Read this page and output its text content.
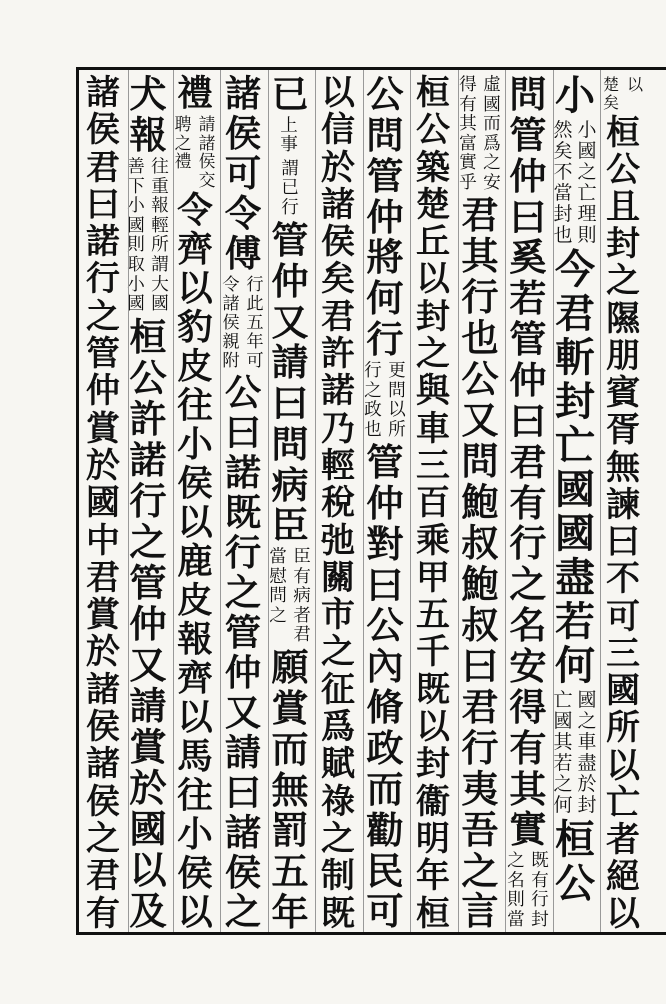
以
楚
矣
桓
公
且
封
之
隰
朋
賓
胥
無
諫
曰
不
可
三
國
所
以
亡
者
絕
以
小
小
國
之
亡
理
則
然
矣
不
當
封
也
今
君
斬
封
亡
國
國
盡
若
何
國
之
車
盡
於
封
亡
國
其
若
之
何
桓
公
問
管
仲
曰
奚
若
管
仲
曰
君
有
行
之
名
安
得
有
其
實
既
有
行
封
之
名
則
當
虛
國
而
爲
之
安
得
有
其
富
實
乎
君
其
行
也
公
又
問
鮑
叔
鮑
叔
曰
君
行
夷
吾
之
言
桓
公
築
楚
丘
以
封
之
與
車
三
百
乘
甲
五
千
既
以
封
衞
明
年
桓
公
問
管
仲
將
何
行
更
問
以
所
行
之
政
也
管
仲
對
曰
公
內
脩
政
而
勸
民
可
以
信
於
諸
侯
矣
君
許
諾
乃
輕
稅
弛
關
市
之
征
爲
賦
祿
之
制
既
已
上
事
謂
已
行
管
仲
又
請
曰
問
病
臣
臣
有
病
者
君
當
慰
問
之
願
賞
而
無
罰
五
年
諸
侯
可
令
傅
行
此
五
年
可
令
諸
侯
親
附
公
曰
諾
既
行
之
管
仲
又
請
曰
諸
侯
之
禮
請
諸
侯
交
聘
之
禮
令
齊
以
豹
皮
往
小
侯
以
鹿
皮
報
齊
以
馬
往
小
侯
以
犬
報
往
重
報
輕
所
謂
大
國
善
下
小
國
則
取
小
國
桓
公
許
諾
行
之
管
仲
又
請
賞
於
國
以
及
諸
侯
君
曰
諾
行
之
管
仲
賞
於
國
中
君
賞
於
諸
侯
諸
侯
之
君
有
